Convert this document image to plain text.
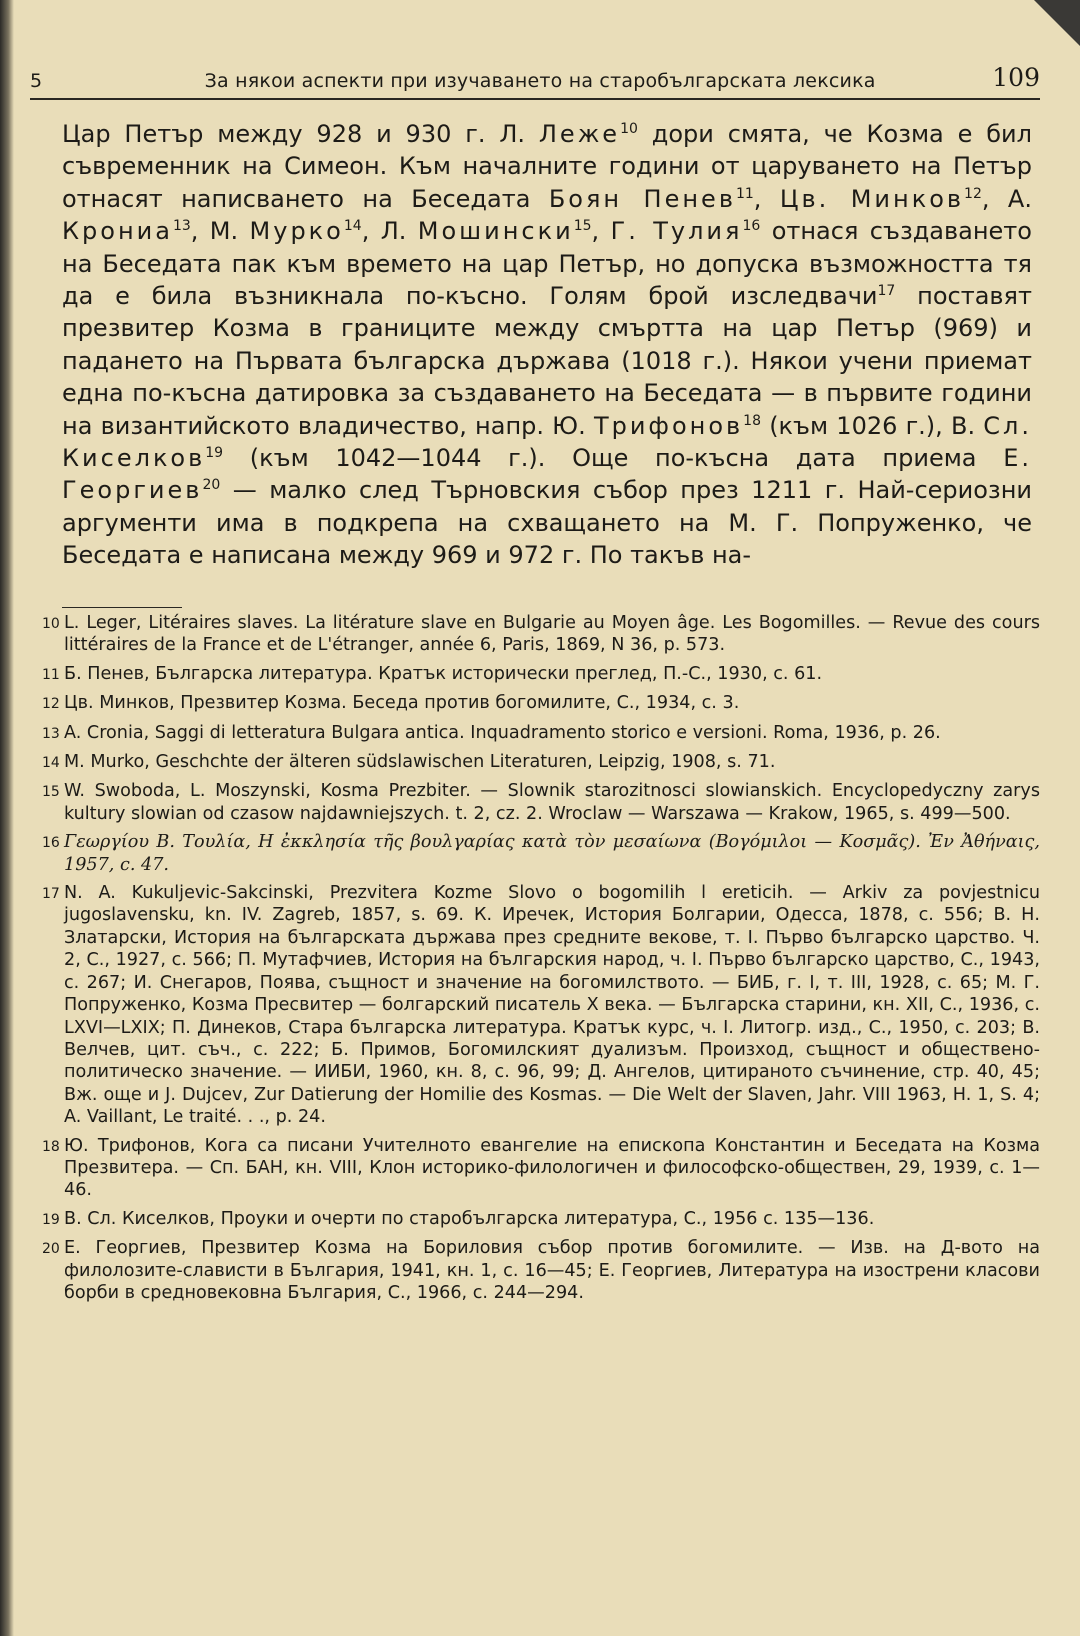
5	За някои аспекти при изучаването на старобългарската лексика	109
Цар Петър между 928 и 930 г. Л. Леже$^{10}$ дори смята, че Козма е бил съвременник на Симеон. Към началните години от царуването на Петър отнасят написването на Беседата Боян Пенев$^{11}$, Цв. Минков$^{12}$, А. Крониа$^{13}$, М. Мурко$^{14}$, Л. Мошински$^{15}$, Г. Тулия$^{16}$ отнася създаването на Беседата пак към времето на цар Петър, но допуска възможността тя да е била възникнала по-късно. Голям брой изследвачи$^{17}$ поставят презвитер Козма в границите между смъртта на цар Петър (969) и падането на Първата българска държава (1018 г.). Някои учени приемат една по-късна датировка за създаването на Беседата — в първите години на византийското владичество, напр. Ю. Трифонов$^{18}$ (към 1026 г.), В. Сл. Киселков$^{19}$ (към 1042—1044 г.). Още по-късна дата приема Е. Георгиев$^{20}$ — малко след Търновския събор през 1211 г. Най-сериозни аргументи има в подкрепа на схващането на М. Г. Попруженко, че Беседата е написана между 969 и 972 г. По такъв на-
10 L. Leger, Litéraires slaves. La litérature slave en Bulgarie au Moyen âge. Les Bogomilles. — Revue des cours littéraires de la France et de L'étranger, année 6, Paris, 1869, N 36, p. 573.
11 Б. Пенев, Българска литература. Кратък исторически преглед, П.-С., 1930, с. 61.
12 Цв. Минков, Презвитер Козма. Беседа против богомилите, С., 1934, с. 3.
13 A. Cronia, Saggi di letteratura Bulgara antica. Inquadramento storico e versioni. Roma, 1936, p. 26.
14 M. Murko, Geschchte der älteren südslawischen Literaturen, Leipzig, 1908, s. 71.
15 W. Swoboda, L. Moszynski, Kosma Prezbiter. — Slownik starozitnosci slowianskich. Encyclopedyczny zarys kultury slowian od czasow najdawniejszych. t. 2, cz. 2. Wroclaw — Warszawa — Krakow, 1965, s. 499—500.
16 Γεωργίου Β. Τουλία, Η ἐκκλησία τῆς βουλγαρίας κατὰ τὸν μεσαίωνα (Βογόμιλοι — Κοσμᾶς). Ἐν Ἀθήναις, 1957, с. 47.
17 N. A. Kukuljevic-Sakcinski, Prezvitera Kozme Slovo o bogomilih l ereticih. — Arkiv za povjestnicu jugoslavensku, kn. IV. Zagreb, 1857, s. 69. К. Иречек, История Болгарии, Одесса, 1878, с. 556; В. Н. Златарски, История на българската държава през средните векове, т. I. Първо българско царство. Ч. 2, С., 1927, с. 566; П. Мутафчиев, История на българския народ, ч. I. Първо българско царство, С., 1943, с. 267; И. Снегаров, Поява, същност и значение на богомилството. — БИБ, г. I, т. III, 1928, с. 65; М. Г. Попруженко, Козма Пресвитер — болгарский писатель X века. — Българска старини, кн. XII, С., 1936, с. LXVI—LXIX; П. Динеков, Стара българска литература. Кратък курс, ч. I. Литогр. изд., С., 1950, с. 203; В. Велчев, цит. съч., с. 222; Б. Примов, Богомилският дуализъм. Произход, същност и обществено-политическо значение. — ИИБИ, 1960, кн. 8, с. 96, 99; Д. Ангелов, цитираното съчинение, стр. 40, 45; Вж. още и J. Dujcev, Zur Datierung der Homilie des Kosmas. — Die Welt der Slaven, Jahr. VIII 1963, H. 1, S. 4; A. Vaillant, Le traité. . ., p. 24.
18 Ю. Трифонов, Кога са писани Учителното евангелие на епископа Константин и Беседата на Козма Презвитера. — Сп. БАН, кн. VIII, Клон историко-филологичен и философско-обществен, 29, 1939, с. 1—46.
19 В. Сл. Киселков, Проуки и очерти по старобългарска литература, С., 1956 с. 135—136.
20 Е. Георгиев, Презвитер Козма на Бориловия събор против богомилите. — Изв. на Д-вото на филолозите-слависти в България, 1941, кн. 1, с. 16—45; Е. Георгиев, Литература на изострени класови борби в средновековна България, С., 1966, с. 244—294.
